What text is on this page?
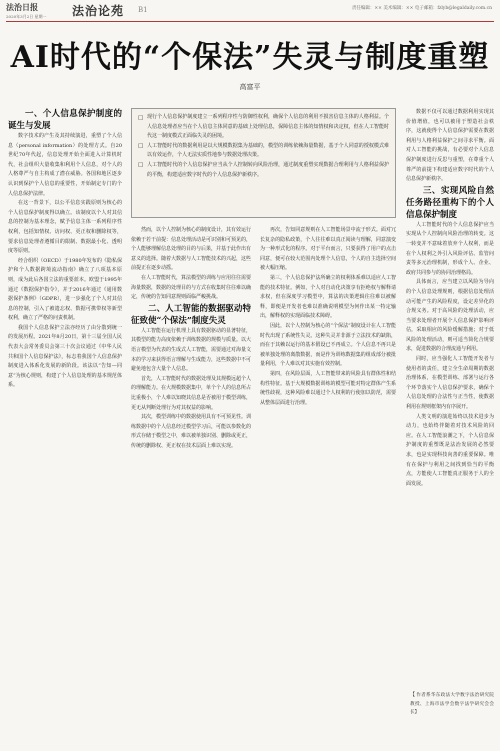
法治日报
2020年3月2日 星期一	法治论苑 B1	责任编辑：×× 美术编辑：×× 电子邮箱：fzlyb@legaldaily.com.cn
AI时代的“个保法”失灵与制度重塑
高富平

□ 现行个人信息保护制度建立一系列程序性与防御性权利，确保个人信息的利用不损害信息主体的人格利益。个人信息处理者应当在个人信息主体同意的基础上处理信息，保障信息主体的知情权和决定权，但在人工智能时代这一制度模式正面临失灵的困境。

□ 人工智能时代的数据利用是以大规模数据集为基础的，模型的训练依赖海量数据，基于个人同意的授权模式难以有效运作，个人无法实质性地参与数据处理决策。

□ 人工智能时代的个人信息保护应当从个人控制转向风险治理，通过制度重塑实现数据合理利用与人格利益保护的平衡，构建适应数字时代的个人信息保护新秩序。

一、个人信息保护制度的诞生与发展

数字技术的产生及其持续演进，重塑了个人信息（personal information）的处理方式。自20世纪70年代起，信息处理开始全面进入计算机时代，社会组织大量收集和利用个人信息，对个人的人格尊严与自主构成了潜在威胁。各国和地区逐步认识到保护个人信息的重要性，开始制定专门的个人信息保护法律。

在这一背景下，以公平信息实践原则为核心的个人信息保护制度得以确立。该制度以个人对其信息的控制为基本理念，赋予信息主体一系列程序性权利，包括知情权、访问权、更正权和删除权等，要求信息处理者遵循目的限制、数据最小化、透明度等原则。

经合组织（OECD）于1980年发布的《隐私保护和个人数据跨境流动指南》确立了八项基本原则，成为此后各国立法的重要蓝本。欧盟于1995年通过《数据保护指令》，并于2016年通过《通用数据保护条例》（GDPR），进一步强化了个人对其信息的控制，引入了被遗忘权、数据可携带权等新型权利，确立了严格的问责机制。

我国个人信息保护立法亦经历了由分散到统一的发展历程。2021年8月20日，第十三届全国人民代表大会常务委员会第三十次会议通过《中华人民共和国个人信息保护法》，标志着我国个人信息保护制度进入体系化发展的新阶段。该法以“告知—同意”为核心规则，构建了个人信息处理的基本规范体系。

然而，以个人控制为核心的制度设计，其有效运行依赖于若干前提：信息处理活动是可识别和可预见的，个人能够理解信息处理的目的与后果，并基于此作出有意义的选择。随着大数据与人工智能技术的兴起，这些前提正在逐步动摇。

在人工智能时代，算法模型的训练与应用往往需要海量数据，数据的处理目的与方式在收集时往往难以确定，传统的告知同意规则面临严峻挑战。

二、人工智能的数据驱动特征致使“个保法”制度失灵

人工智能在运行机理上具有数据驱动的显著特征，其模型的能力高度依赖于训练数据的规模与质量。以大语言模型为代表的生成式人工智能，需要通过对海量文本的学习来获得语言理解与生成能力，这些数据中不可避免地包含大量个人信息。

首先，人工智能时代的数据处理及其规模远超个人的理解能力。在大规模数据集中，单个个人的信息所占比重极小，个人难以知晓其信息是否被用于模型训练，更无从判断处理行为对其权益的影响。

其次，模型训练中的数据使用具有不可预见性。训练数据中的个人信息经过模型学习后，可能以参数化的形式存储于模型之中，难以被单独识别、删除或更正，传统的删除权、更正权在技术层面上难以实现。

再次，告知同意规则在人工智能场景中流于形式。面对冗长复杂的隐私政策，个人往往难以真正阅读与理解，同意演变为一种形式化的程序。对于平台而言，只要获得了用户的点击同意，便可在较大范围内处理个人信息，个人的自主选择空间被大幅压缩。

第三，个人信息保护法所确立的权利体系难以适应人工智能的技术特征。例如，个人对自动化决策享有拒绝权与解释请求权，但在深度学习模型中，算法的决策逻辑往往难以被解释，即便是开发者也难以准确说明模型为何作出某一特定输出，解释权的实现面临技术障碍。

因此，以个人控制为核心的“个保法”制度设计在人工智能时代出现了系统性失灵。这种失灵并非源于立法技术的缺陷，而在于其赖以运行的基本假设已不再成立。个人信息不再只是被单独处理的离散数据，而是作为训练数据集的组成部分被批量利用，个人难以对其实施有效控制。

第四，在风险层面，人工智能带来的风险具有群体性和结构性特征。基于大规模数据训练的模型可能对特定群体产生系统性歧视，这种风险难以通过个人权利的行使加以防范，需要从整体层面进行治理。

数据不仅可以通过数据利用实现其价值增值，也可以被用于塑造社会秩序，这就使得个人信息保护需要在数据利用与人格利益保护之间寻求平衡。面对人工智能的挑战，有必要对个人信息保护制度进行反思与重塑，在尊重个人尊严的前提下构建适应数字时代的个人信息保护新秩序。

三、实现风险自然任务路径重构下的个人信息保护制度

人工智能时代的个人信息保护应当实现从个人控制向风险治理的转变。这一转变并不意味着放弃个人权利，而是在个人权利之外引入风险评估、监管问责等多元治理机制，形成个人、企业、政府共同参与的协同治理格局。

具体而言，应当建立以风险为导向的个人信息处理规则，根据信息处理活动可能产生的风险程度，设定差异化的合规义务。对于高风险的处理活动，应当要求处理者开展个人信息保护影响评估，采取相应的风险缓解措施；对于低风险的处理活动，则可适当简化合规要求，促进数据的合理流通与利用。

同时，应当强化人工智能开发者与使用者的责任，建立全生命周期的数据治理体系，在模型训练、部署与运行各个环节落实个人信息保护要求，确保个人信息处理的合法性与正当性，使数据利用在规则框架内有序展开。

人类文明的演进始终以技术进步为动力，也始终伴随着对技术风险的回应。在人工智能浪潮之下，个人信息保护制度的重塑既是法治发展的必然要求，也是实现科技向善的重要保障。唯有在保护与利用之间找到恰当的平衡点，方能使人工智能真正服务于人的全面发展。

【作者系华东政法大学数字法治研究院教授、上海市法学会数字法学研究会会长】
